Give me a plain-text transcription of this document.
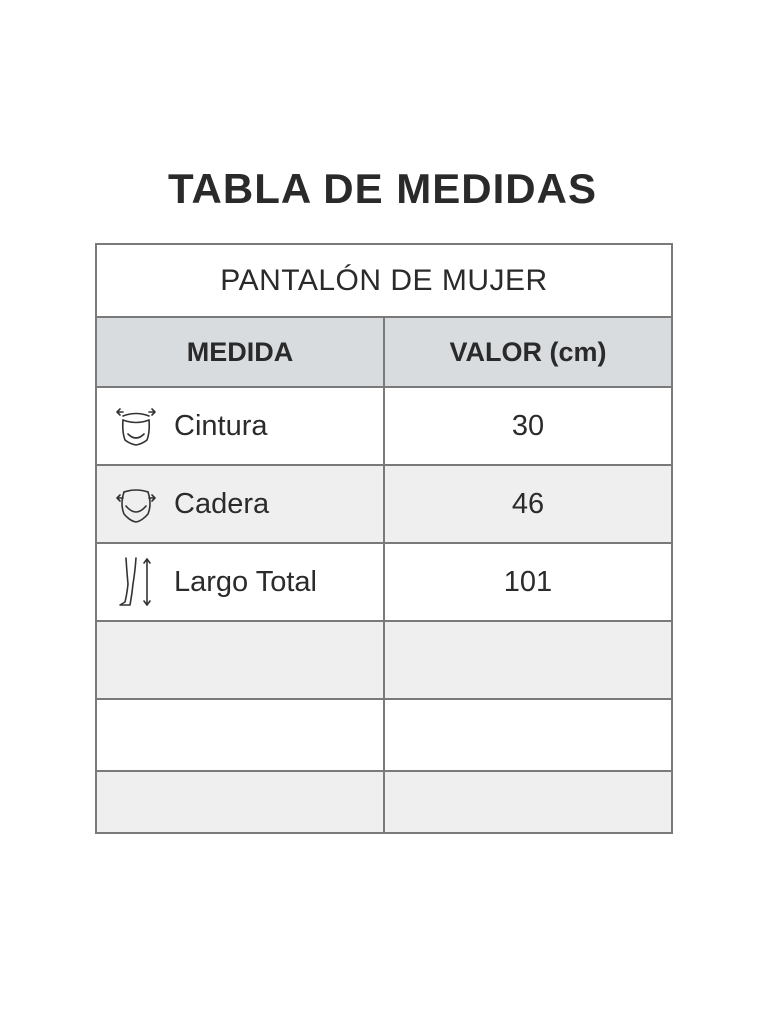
TABLA DE MEDIDAS
PANTALÓN DE MUJER	
MEDIDA	VALOR (cm)

Cintura	30

Cadera	46

Largo Total	101
